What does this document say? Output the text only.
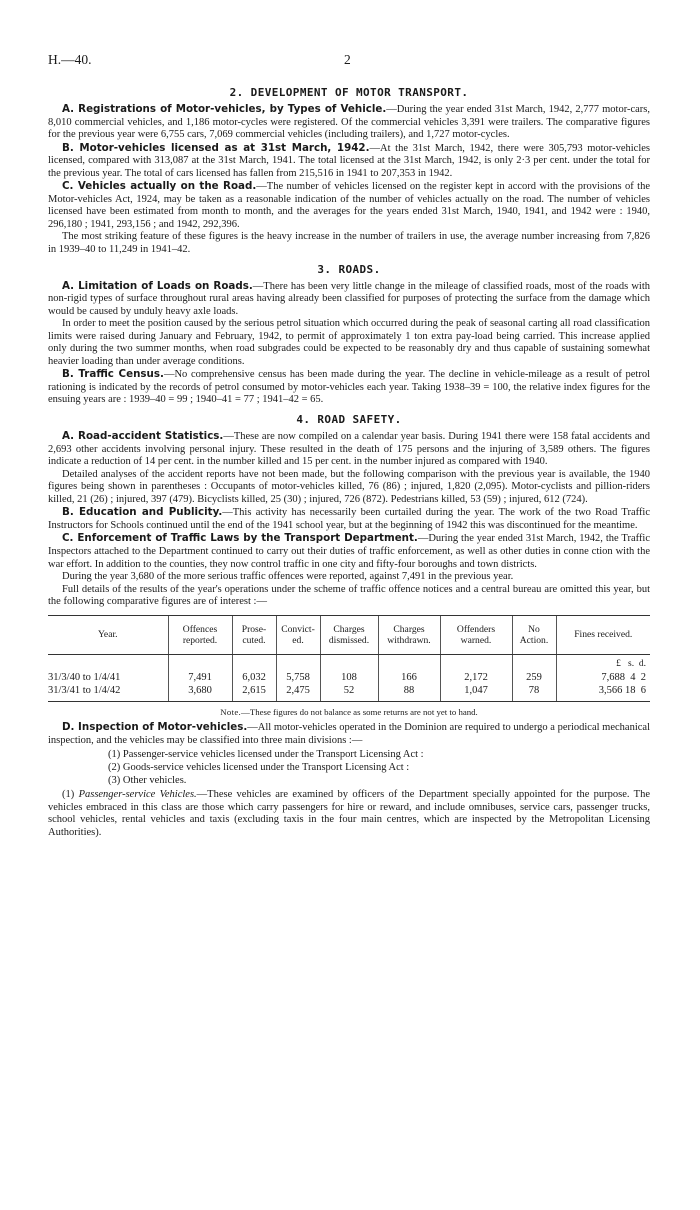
H.—40.	2
2. DEVELOPMENT OF MOTOR TRANSPORT.

A. Registrations of Motor-vehicles, by Types of Vehicle.—During the year ended 31st March, 1942, 2,777 motor-cars, 8,010 commercial vehicles, and 1,186 motor-cycles were registered. Of the commercial vehicles 3,391 were trailers. The comparative figures for the previous year were 6,755 cars, 7,069 commercial vehicles (including trailers), and 1,727 motor-cycles.

B. Motor-vehicles licensed as at 31st March, 1942.—At the 31st March, 1942, there were 305,793 motor-vehicles licensed, compared with 313,087 at the 31st March, 1941. The total licensed at the 31st March, 1942, is only 2·3 per cent. under the total for the previous year. The total of cars licensed has fallen from 215,516 in 1941 to 207,353 in 1942.

C. Vehicles actually on the Road.—The number of vehicles licensed on the register kept in accord with the provisions of the Motor-vehicles Act, 1924, may be taken as a reasonable indication of the number of vehicles actually on the road. The number of vehicles licensed have been estimated from month to month, and the averages for the years ended 31st March, 1940, 1941, and 1942 were : 1940, 296,180 ; 1941, 293,156 ; and 1942, 292,396.

The most striking feature of these figures is the heavy increase in the number of trailers in use, the average number increasing from 7,826 in 1939–40 to 11,249 in 1941–42.

3. ROADS.

A. Limitation of Loads on Roads.—There has been very little change in the mileage of classified roads, most of the roads with non-rigid types of surface throughout rural areas having already been classified for purposes of protecting the surface from the damage which would be caused by unduly heavy axle loads.

In order to meet the position caused by the serious petrol situation which occurred during the peak of seasonal carting all road classification limits were raised during January and February, 1942, to permit of approximately 1 ton extra pay-load being carried. This increase applied only during the two summer months, when road subgrades could be expected to be reasonably dry and thus capable of sustaining somewhat heavier loading than under average conditions.

B. Traffic Census.—No comprehensive census has been made during the year. The decline in vehicle-mileage as a result of petrol rationing is indicated by the records of petrol consumed by motor-vehicles each year. Taking 1938–39 = 100, the relative index figures for the ensuing years are : 1939–40 = 99 ; 1940–41 = 77 ; 1941–42 = 65.

4. ROAD SAFETY.

A. Road-accident Statistics.—These are now compiled on a calendar year basis. During 1941 there were 158 fatal accidents and 2,693 other accidents involving personal injury. These resulted in the death of 175 persons and the injuring of 3,589 others. The figures indicate a reduction of 14 per cent. in the number killed and 15 per cent. in the number injured as compared with 1940.

Detailed analyses of the accident reports have not been made, but the following comparison with the previous year is available, the 1940 figures being shown in parentheses : Occupants of motor-vehicles killed, 76 (86) ; injured, 1,820 (2,095). Motor-cyclists and pillion-riders killed, 21 (26) ; injured, 397 (479). Bicyclists killed, 25 (30) ; injured, 726 (872). Pedestrians killed, 53 (59) ; injured, 612 (724).

B. Education and Publicity.—This activity has necessarily been curtailed during the year. The work of the two Road Traffic Instructors for Schools continued until the end of the 1941 school year, but at the beginning of 1942 this was discontinued for the meantime.

C. Enforcement of Traffic Laws by the Transport Department.—During the year ended 31st March, 1942, the Traffic Inspectors attached to the Department continued to carry out their duties of traffic enforcement, as well as other duties in conne ction with the war effort. In addition to the counties, they now control traffic in one city and fifty-four boroughs and town districts.

During the year 3,680 of the more serious traffic offences were reported, against 7,491 in the previous year.

Full details of the results of the year's operations under the scheme of traffic offence notices and a central bureau are omitted this year, but the following comparative figures are of interest :—

Year.	Offences reported.	Prose-cuted.	Convict-ed.	Charges dismissed.	Charges withdrawn.	Offenders warned.	No Action.	Fines received.
								£   s.  d.
31/3/40 to 1/4/41	7,491	6,032	5,758	108	166	2,172	259	7,688  4  2
31/3/41 to 1/4/42	3,680	2,615	2,475	52	88	1,047	78	3,566 18  6

Note.—These figures do not balance as some returns are not yet to hand.

D. Inspection of Motor-vehicles.—All motor-vehicles operated in the Dominion are required to undergo a periodical mechanical inspection, and the vehicles may be classified into three main divisions :—

(1) Passenger-service vehicles licensed under the Transport Licensing Act :
(2) Goods-service vehicles licensed under the Transport Licensing Act :
(3) Other vehicles.

(1) Passenger-service Vehicles.—These vehicles are examined by officers of the Department specially appointed for the purpose. The vehicles embraced in this class are those which carry passengers for hire or reward, and include omnibuses, service cars, passenger trucks, school vehicles, rental vehicles and taxis (excluding taxis in the four main centres, which are inspected by the Metropolitan Licensing Authorities).
